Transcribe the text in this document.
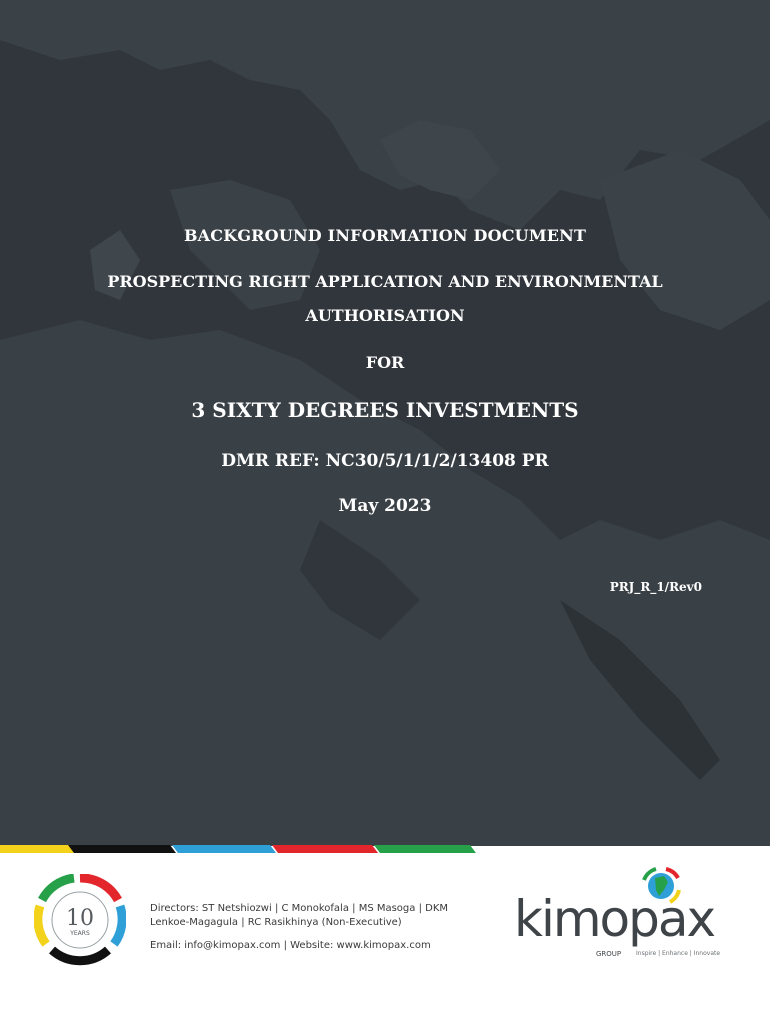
BACKGROUND INFORMATION DOCUMENT
PROSPECTING RIGHT APPLICATION AND ENVIRONMENTAL
AUTHORISATION
FOR
3 SIXTY DEGREES INVESTMENTS
DMR REF: NC30/5/1/1/2/13408 PR
May 2023
PRJ_R_1/Rev0
10
YEARS
Directors: ST Netshiozwi | C Monokofala | MS Masoga | DKM
Lenkoe-Magagula | RC Rasikhinya (Non-Executive)
Email: info@kimopax.com | Website: www.kimopax.com	kimopax
GROUP Inspire | Enhance | Innovate
